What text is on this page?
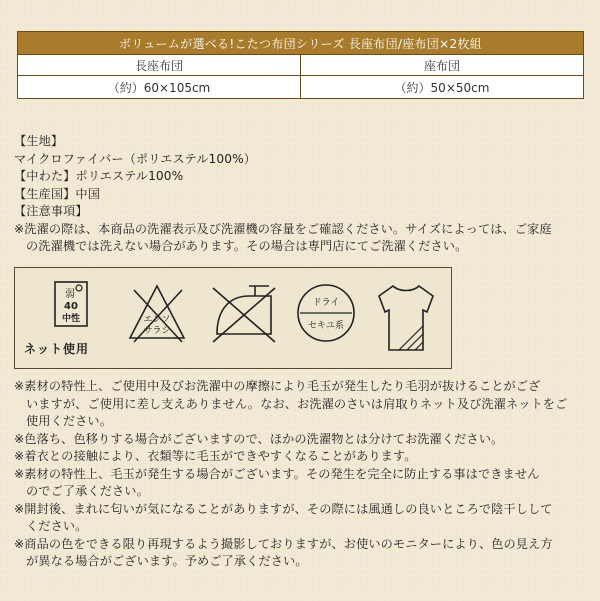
ボリュームが選べる!こたつ布団シリーズ 長座布団/座布団×2枚組	
長座布団	座布団
（約）60×105cm	（約）50×50cm
【生地】
マイクロファイバー（ポリエステル100%）
【中わた】ポリエステル100%
【生産国】中国
【注意事項】
※洗濯の際は、本商品の洗濯表示及び洗濯機の容量をご確認ください。サイズによっては、ご家庭
の洗濯機では洗えない場合があります。その場合は専門店にてご洗濯ください。
弱
40
中性
ネット使用
エンソ
サラシ
ドライ
セキユ系
※素材の特性上、ご使用中及びお洗濯中の摩擦により毛玉が発生したり毛羽が抜けることがござ
いますが、ご使用に差し支えありません。なお、お洗濯のさいは肩取りネット及び洗濯ネットをご
使用ください。
※色落ち、色移りする場合がございますので、ほかの洗濯物とは分けてお洗濯ください。
※着衣との接触により、衣類等に毛玉ができやすくなることがあります。
※素材の特性上、毛玉が発生する場合がございます。その発生を完全に防止する事はできません
のでご了承ください。
※開封後、まれに匂いが気になることがありますが、その際には風通しの良いところで陰干しして
ください。
※商品の色をできる限り再現するよう撮影しておりますが、お使いのモニターにより、色の見え方
が異なる場合がございます。予めご了承ください。
